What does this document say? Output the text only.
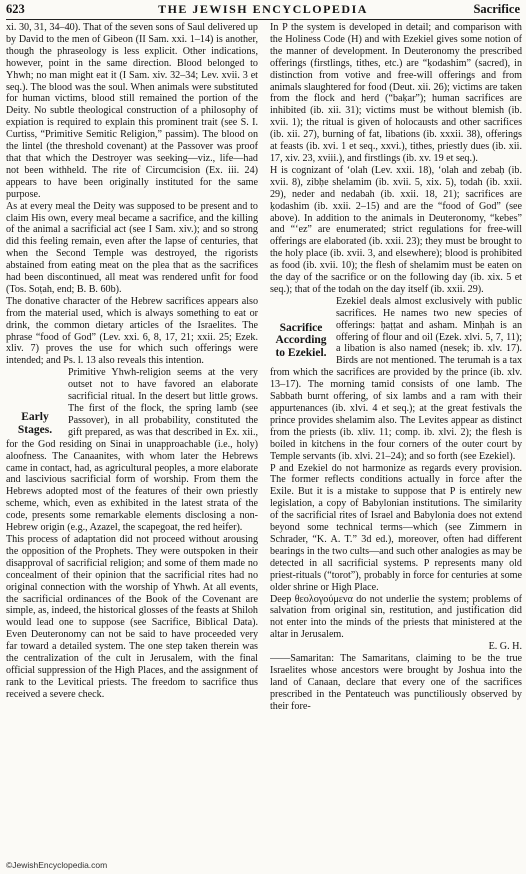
623	THE JEWISH ENCYCLOPEDIA	Sacrifice

xi. 30, 31, 34–40). That of the seven sons of Saul delivered up by David to the men of Gibeon (II Sam. xxi. 1–14) is another, though the phraseology is less explicit. Other indications, however, point in the same direction. Blood belonged to Yhwh; no man might eat it (I Sam. xiv. 32–34; Lev. xvii. 3 et seq.). The blood was the soul. When animals were substituted for human victims, blood still remained the portion of the Deity. No subtle theological construction of a philosophy of expiation is required to explain this prominent trait (see S. I. Curtiss, “Primitive Semitic Religion,” passim). The blood on the lintel (the threshold covenant) at the Passover was proof that that which the Destroyer was seeking—viz., life—had not been withheld. The rite of Circumcision (Ex. iii. 24) appears to have been originally instituted for the same purpose.

As at every meal the Deity was supposed to be present and to claim His own, every meal became a sacrifice, and the killing of the animal a sacrificial act (see I Sam. xiv.); and so strong did this feeling remain, even after the lapse of centuries, that when the Second Temple was destroyed, the rigorists abstained from eating meat on the plea that as the sacrifices had been discontinued, all meat was rendered unfit for food (Tos. Soṭah, end; B. B. 60b).

The donative character of the Hebrew sacrifices appears also from the material used, which is always something to eat or drink, the common dietary articles of the Israelites. The phrase “food of God” (Lev. xxi. 6, 8, 17, 21; xxii. 25; Ezek. xliv. 7) proves the use for which such offerings were intended; and Ps. l. 13 also reveals this intention.

Early Stages.

Primitive Yhwh-religion seems at the very outset not to have favored an elaborate sacrificial ritual. In the desert but little grows. The first of the flock, the spring lamb (see Passover), in all probability, constituted the gift prepared, as was that described in Ex. xii., for the God residing on Sinai in unapproachable (i.e., holy) aloofness. The Canaanites, with whom later the Hebrews came in contact, had, as agricultural peoples, a more elaborate and lascivious sacrificial form of worship. From them the Hebrews adopted most of the features of their own priestly scheme, which, even as exhibited in the latest strata of the code, presents some remarkable elements disclosing a non-Hebrew origin (e.g., Azazel, the scapegoat, the red heifer).

This process of adaptation did not proceed without arousing the opposition of the Prophets. They were outspoken in their disapproval of sacrificial religion; and some of them made no concealment of their opinion that the sacrificial rites had no original connection with the worship of Yhwh. At all events, the sacrificial ordinances of the Book of the Covenant are simple, as, indeed, the historical glosses of the feasts at Shiloh would lead one to suppose (see Sacrifice, Biblical Data). Even Deuteronomy can not be said to have proceeded very far toward a detailed system. The one step taken therein was the centralization of the cult in Jerusalem, with the final official suppression of the High Places, and the assignment of rank to the Levitical priests. The freedom to sacrifice thus received a severe check.

In P the system is developed in detail; and comparison with the Holiness Code (H) and with Ezekiel gives some notion of the manner of development. In Deuteronomy the prescribed offerings (firstlings, tithes, etc.) are “ḳodashim” (sacred), in distinction from votive and free-will offerings and from animals slaughtered for food (Deut. xii. 26); victims are taken from the flock and herd (“baḳar”); human sacrifices are inhibited (ib. xii. 31); victims must be without blemish (ib. xvii. 1); the ritual is given of holocausts and other sacrifices (ib. xii. 27), burning of fat, libations (ib. xxxii. 38), offerings at feasts (ib. xvi. 1 et seq., xxvi.), tithes, priestly dues (ib. xii. 17, xiv. 23, xviii.), and firstlings (ib. xv. 19 et seq.).

H is cognizant of ‘olah (Lev. xxii. 18), ‘olah and zebaḥ (ib. xvii. 8), zibḥe shelamim (ib. xvii. 5, xix. 5), todah (ib. xxii. 29), neder and nedabah (ib. xxii. 18, 21); sacrifices are ḳodashim (ib. xxii. 2–15) and are the “food of God” (see above). In addition to the animals in Deuteronomy, “kebes” and “‘ez” are enumerated; strict regulations for free-will offerings are elaborated (ib. xxii. 23); they must be brought to the holy place (ib. xvii. 3, and elsewhere); blood is prohibited as food (ib. xvii. 10); the flesh of shelamim must be eaten on the day of the sacrifice or on the following day (ib. xix. 5 et seq.); that of the todah on the day itself (ib. xxii. 29).

Sacrifice According to Ezekiel.

Ezekiel deals almost exclusively with public sacrifices. He names two new species of offerings: ḥaṭṭat and asham. Minḥah is an offering of flour and oil (Ezek. xlvi. 5, 7, 11); a libation is also named (nesek; ib. xlv. 17). Birds are not mentioned. The terumah is a tax from which the sacrifices are provided by the prince (ib. xlv. 13–17). The morning tamid consists of one lamb. The Sabbath burnt offering, of six lambs and a ram with their appurtenances (ib. xlvi. 4 et seq.); at the great festivals the prince provides shelamim also. The Levites appear as distinct from the priests (ib. xliv. 11; comp. ib. xlvi. 2); the flesh is boiled in kitchens in the four corners of the outer court by Temple servants (ib. xlvi. 21–24); and so forth (see Ezekiel).

P and Ezekiel do not harmonize as regards every provision. The former reflects conditions actually in force after the Exile. But it is a mistake to suppose that P is entirely new legislation, a copy of Babylonian institutions. The similarity of the sacrificial rites of Israel and Babylonia does not extend beyond some technical terms—which (see Zimmern in Schrader, “K. A. T.” 3d ed.), moreover, often had different bearings in the two cults—and such other analogies as may be detected in all sacrificial systems. P represents many old priest-rituals (“torot”), probably in force for centuries at some older shrine or High Place.

Deep θεολογούμενα do not underlie the system; problems of salvation from original sin, restitution, and justification did not enter into the minds of the priests that ministered at the altar in Jerusalem.

E. G. H.

——Samaritan: The Samaritans, claiming to be the true Israelites whose ancestors were brought by Joshua into the land of Canaan, declare that every one of the sacrifices prescribed in the Pentateuch was punctiliously observed by their fore-

©JewishEncyclopedia.com
